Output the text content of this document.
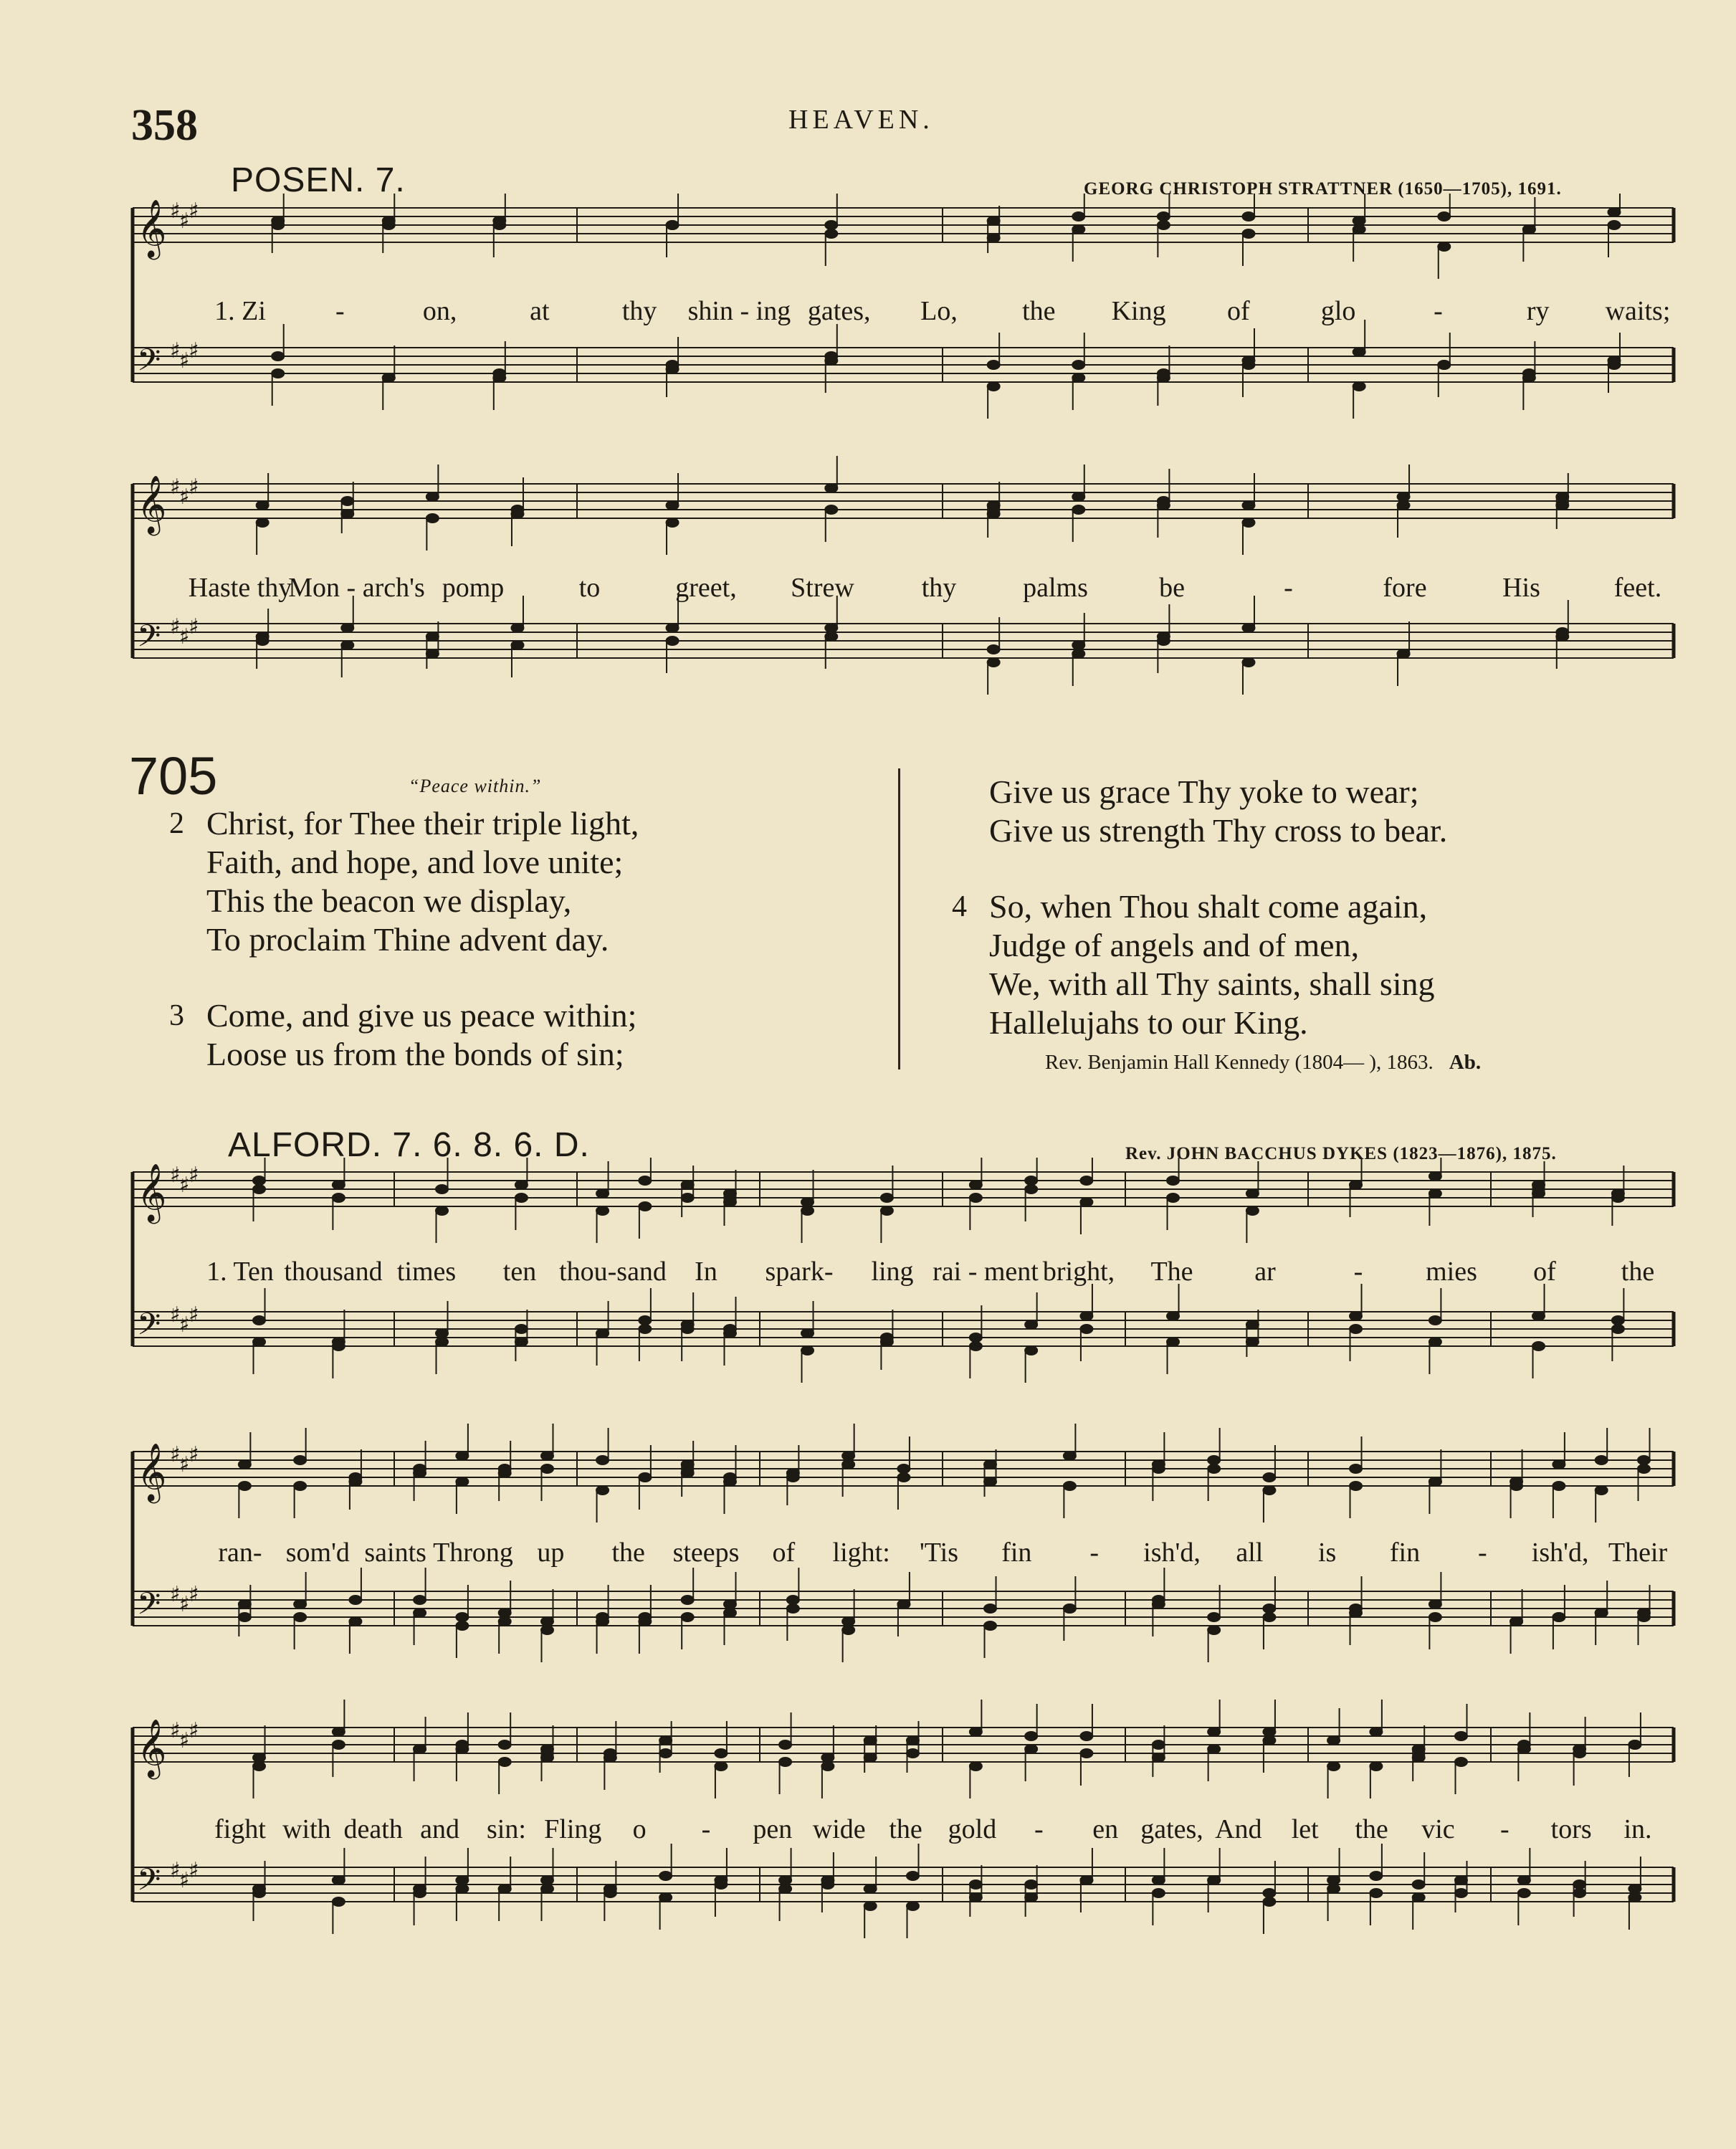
358	HEAVEN.
POSEN. 7.	GEORG CHRISTOPH STRATTNER (1650—1705), 1691.
𝄞 ♯
♯
♯
𝄢 ♯
♯
♯
𝄞 ♯
♯
♯
𝄢 ♯
♯
♯
1. Zi	-	on,	at	thy shin - ing gates, Lo, the King of	glo	-	ry waits;
Haste thy
Mon - arch's pomp	to	greet, Strew thy palms	be	-	fore	His	feet.
705	“Peace within.”
2 Christ, for Thee their triple light,
Faith, and hope, and love unite;
This the beacon we display,
To proclaim Thine advent day.
3 Come, and give us peace within;
Loose us from the bonds of sin;
Give us grace Thy yoke to wear;
Give us strength Thy cross to bear.
4 So, when Thou shalt come again,
Judge of angels and of men,
We, with all Thy saints, shall sing
Hallelujahs to our King.
Rev. Benjamin Hall Kennedy (1804— ), 1863. Ab.
ALFORD. 7. 6. 8. 6. D.	Rev. JOHN BACCHUS DYKES (1823—1876), 1875.
𝄞 ♯
♯
♯
𝄢 ♯
♯
♯
𝄞 ♯
♯
♯
𝄢 ♯
♯
♯
𝄞 ♯
♯
♯
𝄢 ♯
♯
♯
1. Ten thousand times ten thou-sand In spark- ling rai - ment bright, The ar	- mies of the
ran- som'd saints Throng up the steeps of light: 'Tis fin - ish'd, all is fin - ish'd, Their
fight with death and sin: Fling o - pen wide the gold - en gates, And let the vic - tors in.
